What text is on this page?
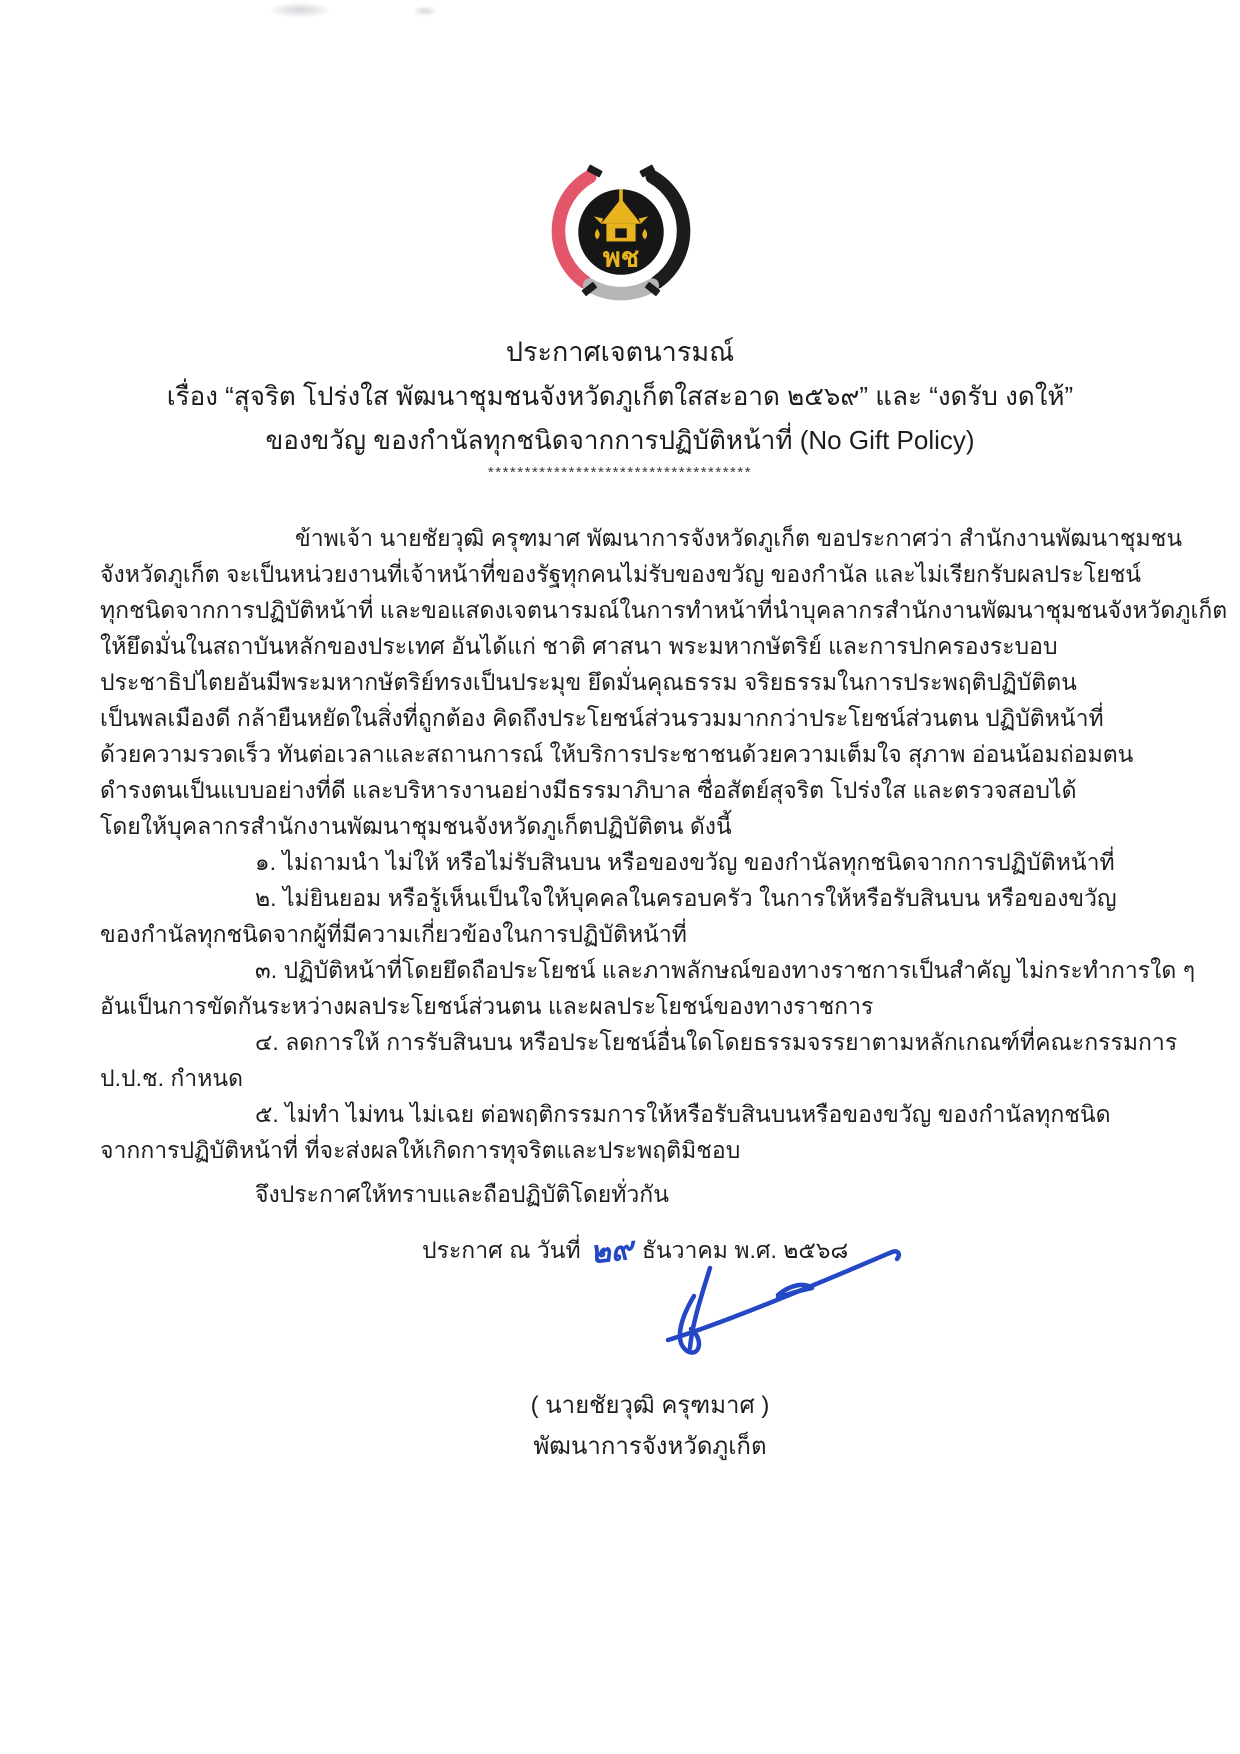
พช
ประกาศเจตนารมณ์
เรื่อง “สุจริต โปร่งใส พัฒนาชุมชนจังหวัดภูเก็ตใสสะอาด ๒๕๖๙” และ “งดรับ งดให้”
ของขวัญ ของกำนัลทุกชนิดจากการปฏิบัติหน้าที่ (No Gift Policy)
************************************
ข้าพเจ้า นายชัยวุฒิ ครุฑมาศ พัฒนาการจังหวัดภูเก็ต ขอประกาศว่า สำนักงานพัฒนาชุมชน
จังหวัดภูเก็ต จะเป็นหน่วยงานที่เจ้าหน้าที่ของรัฐทุกคนไม่รับของขวัญ ของกำนัล และไม่เรียกรับผลประโยชน์
ทุกชนิดจากการปฏิบัติหน้าที่ และขอแสดงเจตนารมณ์ในการทำหน้าที่นำบุคลากรสำนักงานพัฒนาชุมชนจังหวัดภูเก็ต
ให้ยึดมั่นในสถาบันหลักของประเทศ อันได้แก่ ชาติ ศาสนา พระมหากษัตริย์ และการปกครองระบอบ
ประชาธิปไตยอันมีพระมหากษัตริย์ทรงเป็นประมุข ยึดมั่นคุณธรรม จริยธรรมในการประพฤติปฏิบัติตน
เป็นพลเมืองดี กล้ายืนหยัดในสิ่งที่ถูกต้อง คิดถึงประโยชน์ส่วนรวมมากกว่าประโยชน์ส่วนตน ปฏิบัติหน้าที่
ด้วยความรวดเร็ว ทันต่อเวลาและสถานการณ์ ให้บริการประชาชนด้วยความเต็มใจ สุภาพ อ่อนน้อมถ่อมตน
ดำรงตนเป็นแบบอย่างที่ดี และบริหารงานอย่างมีธรรมาภิบาล ซื่อสัตย์สุจริต โปร่งใส และตรวจสอบได้
โดยให้บุคลากรสำนักงานพัฒนาชุมชนจังหวัดภูเก็ตปฏิบัติตน ดังนี้
๑. ไม่ถามนำ ไม่ให้ หรือไม่รับสินบน หรือของขวัญ ของกำนัลทุกชนิดจากการปฏิบัติหน้าที่
๒. ไม่ยินยอม หรือรู้เห็นเป็นใจให้บุคคลในครอบครัว ในการให้หรือรับสินบน หรือของขวัญ
ของกำนัลทุกชนิดจากผู้ที่มีความเกี่ยวข้องในการปฏิบัติหน้าที่
๓. ปฏิบัติหน้าที่โดยยึดถือประโยชน์ และภาพลักษณ์ของทางราชการเป็นสำคัญ ไม่กระทำการใด ๆ
อันเป็นการขัดกันระหว่างผลประโยชน์ส่วนตน และผลประโยชน์ของทางราชการ
๔. ลดการให้ การรับสินบน หรือประโยชน์อื่นใดโดยธรรมจรรยาตามหลักเกณฑ์ที่คณะกรรมการ
ป.ป.ช. กำหนด
๕. ไม่ทำ ไม่ทน ไม่เฉย ต่อพฤติกรรมการให้หรือรับสินบนหรือของขวัญ ของกำนัลทุกชนิด
จากการปฏิบัติหน้าที่ ที่จะส่งผลให้เกิดการทุจริตและประพฤติมิชอบ
จึงประกาศให้ทราบและถือปฏิบัติโดยทั่วกัน
ประกาศ ณ วันที่ ๒๙ ธันวาคม พ.ศ. ๒๕๖๘
( นายชัยวุฒิ ครุฑมาศ )
พัฒนาการจังหวัดภูเก็ต
